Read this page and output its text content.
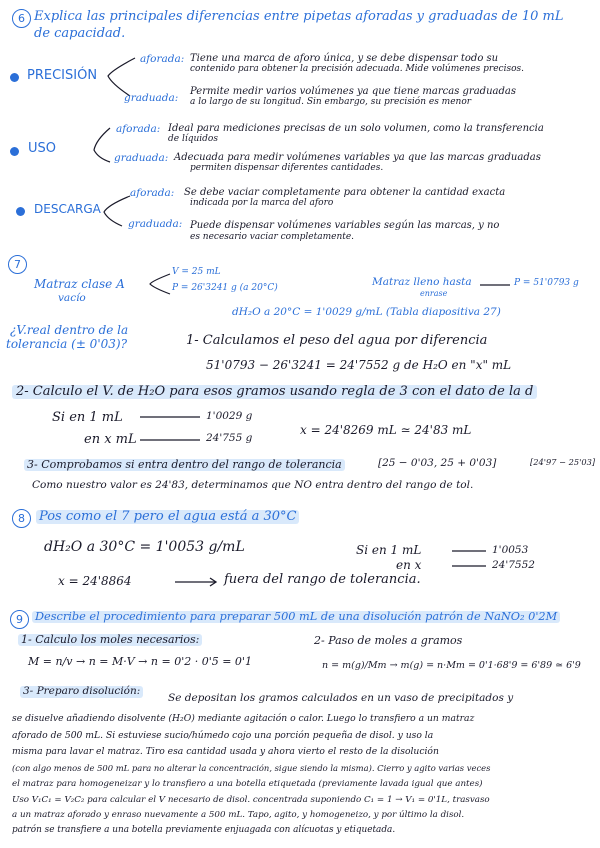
6 Explica las principales diferencias entre pipetas aforadas y graduadas de 10 mL
de capacidad.
PRECISIÓN
aforada: Tiene una marca de aforo única, y se debe dispensar todo su
contenido para obtener la precisión adecuada. Mide volúmenes precisos.
graduada:
Permite medir varios volúmenes ya que tiene marcas graduadas
a lo largo de su longitud. Sin embargo, su precisión es menor
USO
aforada: Ideal para mediciones precisas de un solo volumen, como la transferencia
de líquidos
graduada: Adecuada para medir volúmenes variables ya que las marcas graduadas
permiten dispensar diferentes cantidades.
DESCARGA
aforada: Se debe vaciar completamente para obtener la cantidad exacta
indicada por la marca del aforo
graduada: Puede dispensar volúmenes variables según las marcas, y no
es necesario vaciar completamente.
7
Matraz clase A
vacío
V = 25 mL
P = 26'3241 g (a 20°C)	Matraz lleno hasta
enrase
P = 51'0793 g
dH₂O a 20°C = 1'0029 g/mL (Tabla diapositiva 27)
¿V.real dentro de la
tolerancia (± 0'03)?	1- Calculamos el peso del agua por diferencia
51'0793 − 26'3241 = 24'7552 g de H₂O en "x" mL
2- Calculo el V. de H₂O para esos gramos usando regla de 3 con el dato de la d
Si en 1 mL	1'0029 g
en x mL	24'755 g
x = 24'8269 mL ≃ 24'83 mL
3- Comprobamos si entra dentro del rango de tolerancia	[25 − 0'03, 25 + 0'03]	[24'97 − 25'03]
Como nuestro valor es 24'83, determinamos que NO entra dentro del rango de tol.
8	Pos como el 7 pero el agua está a 30°C
dH₂O a 30°C = 1'0053 g/mL	Si en 1 mL	1'0053
en x	24'7552
x = 24'8864	fuera del rango de tolerancia.
9	Describe el procedimiento para preparar 500 mL de una disolución patrón de NaNO₂ 0'2M
1- Calculo los moles necesarios:
M = n/v → n = M·V → n = 0'2 · 0'5 = 0'1
2- Paso de moles a gramos
n = m(g)/Mm → m(g) = n·Mm = 0'1·68'9 = 6'89 ≃ 6'9
3- Preparo disolución:
Se depositan los gramos calculados en un vaso de precipitados y
se disuelve añadiendo disolvente (H₂O) mediante agitación o calor. Luego lo transfiero a un matraz
aforado de 500 mL. Si estuviese sucio/húmedo cojo una porción pequeña de disol. y uso la
misma para lavar el matraz. Tiro esa cantidad usada y ahora vierto el resto de la disolución
(con algo menos de 500 mL para no alterar la concentración, sigue siendo la misma). Cierro y agito varias veces
el matraz para homogeneizar y lo transfiero a una botella etiquetada (previamente lavada igual que antes)
Uso V₁C₁ = V₂C₂ para calcular el V necesario de disol. concentrada suponiendo C₁ = 1 → V₁ = 0'1L, trasvaso
a un matraz aforado y enraso nuevamente a 500 mL. Tapo, agito, y homogeneizo, y por último la disol.
patrón se transfiere a una botella previamente enjuagada con alícuotas y etiquetada.
